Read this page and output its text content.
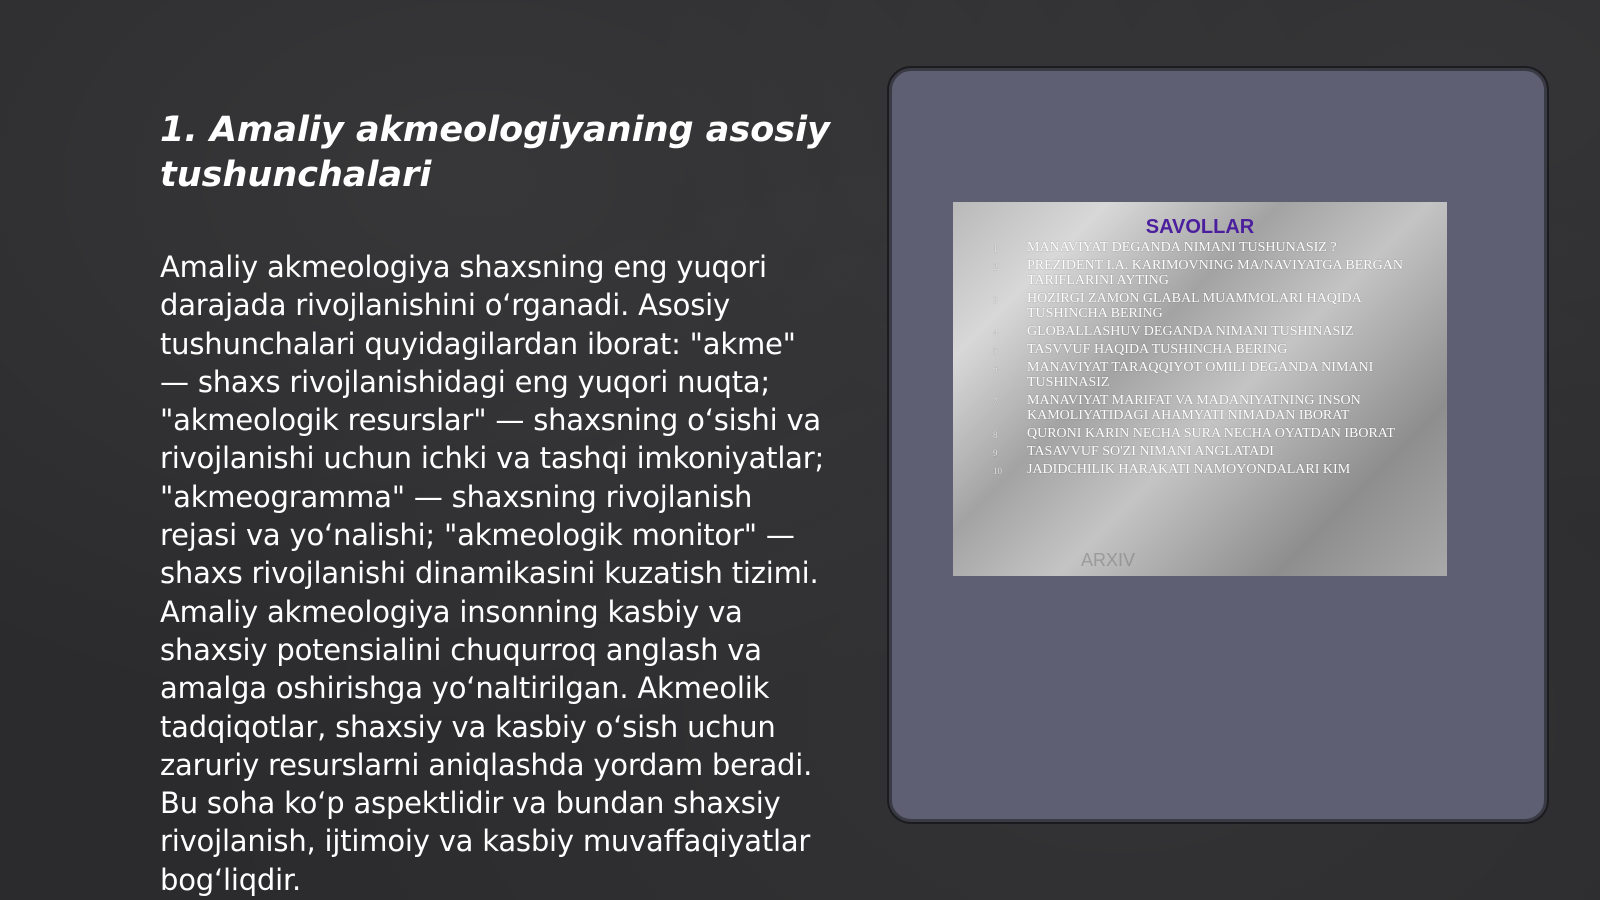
1. Amaliy akmeologiyaning asosiy tushunchalari

Amaliy akmeologiya shaxsning eng yuqori darajada rivojlanishini oʻrganadi. Asosiy tushunchalari quyidagilardan iborat: "akme" — shaxs rivojlanishidagi eng yuqori nuqta; "akmeologik resurslar" — shaxsning oʻsishi va rivojlanishi uchun ichki va tashqi imkoniyatlar; "akmeogramma" — shaxsning rivojlanish rejasi va yoʻnalishi; "akmeologik monitor" — shaxs rivojlanishi dinamikasini kuzatish tizimi. Amaliy akmeologiya insonning kasbiy va shaxsiy potensialini chuqurroq anglash va amalga oshirishga yoʻnaltirilgan. Akmeolik tadqiqotlar, shaxsiy va kasbiy oʻsish uchun zaruriy resurslarni aniqlashda yordam beradi. Bu soha koʻp aspektlidir va bundan shaxsiy rivojlanish, ijtimoiy va kasbiy muvaffaqiyatlar bogʻliqdir.

SAVOLLAR
1 MANAVIYAT DEGANDA NIMANI TUSHUNASIZ ?
2 PREZIDENT I.A. KARIMOVNING MA/NAVIYATGA BERGAN TARIFLARINI AYTING
3 HOZIRGI ZAMON GLABAL MUAMMOLARI HAQIDA TUSHINCHA BERING
4 GLOBALLASHUV DEGANDA NIMANI TUSHINASIZ
5 TASVVUF HAQIDA TUSHINCHA BERING
6 MANAVIYAT TARAQQIYOT OMILI DEGANDA NIMANI TUSHINASIZ
7 MANAVIYAT MARIFAT VA MADANIYATNING INSON KAMOLIYATIDAGI AHAMYATI NIMADAN IBORAT
8 QURONI KARIN NECHA SURA NECHA OYATDAN IBORAT
9 TASAVVUF SO'ZI NIMANI ANGLATADI
10 JADIDCHILIK HARAKATI NAMOYONDALARI KIM
ARXIV
